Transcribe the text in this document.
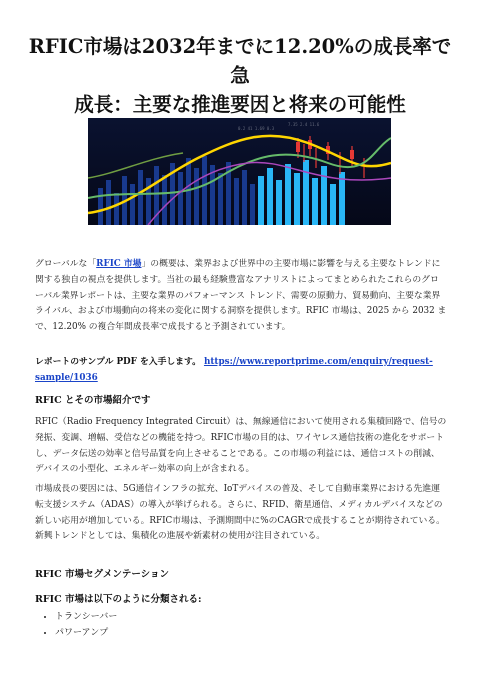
RFIC市場は2032年までに12.20%の成長率で急
成長：主要な推進要因と将来の可能性
0.2 41 1.69 0.3
7.35 2.4 11.6

グローバルな「RFIC 市場」の概要は、業界および世界中の主要市場に影響を与える主要なトレンドに関する独自の視点を提供します。当社の最も経験豊富なアナリストによってまとめられたこれらのグローバル業界レポートは、主要な業界のパフォーマンス トレンド、需要の原動力、貿易動向、主要な業界ライバル、および市場動向の将来の変化に関する洞察を提供します。RFIC 市場は、2025 から 2032 まで、12.20% の複合年間成長率で成長すると予測されています。

レポートのサンプル PDF を入手します。 https://www.reportprime.com/enquiry/request-sample/1036

RFIC とその市場紹介です

RFIC（Radio Frequency Integrated Circuit）は、無線通信において使用される集積回路で、信号の発振、変調、増幅、受信などの機能を持つ。RFIC市場の目的は、ワイヤレス通信技術の進化をサポートし、データ伝送の効率と信号品質を向上させることである。この市場の利益には、通信コストの削減、デバイスの小型化、エネルギー効率の向上が含まれる。

市場成長の要因には、5G通信インフラの拡充、IoTデバイスの普及、そして自動車業界における先進運転支援システム（ADAS）の導入が挙げられる。さらに、RFID、衛星通信、メディカルデバイスなどの新しい応用が増加している。RFIC市場は、予測期間中に%のCAGRで成長することが期待されている。新興トレンドとしては、集積化の進展や新素材の使用が注目されている。

RFIC 市場セグメンテーション

RFIC 市場は以下のように分類される:

• トランシーバー
• パワーアンプ
